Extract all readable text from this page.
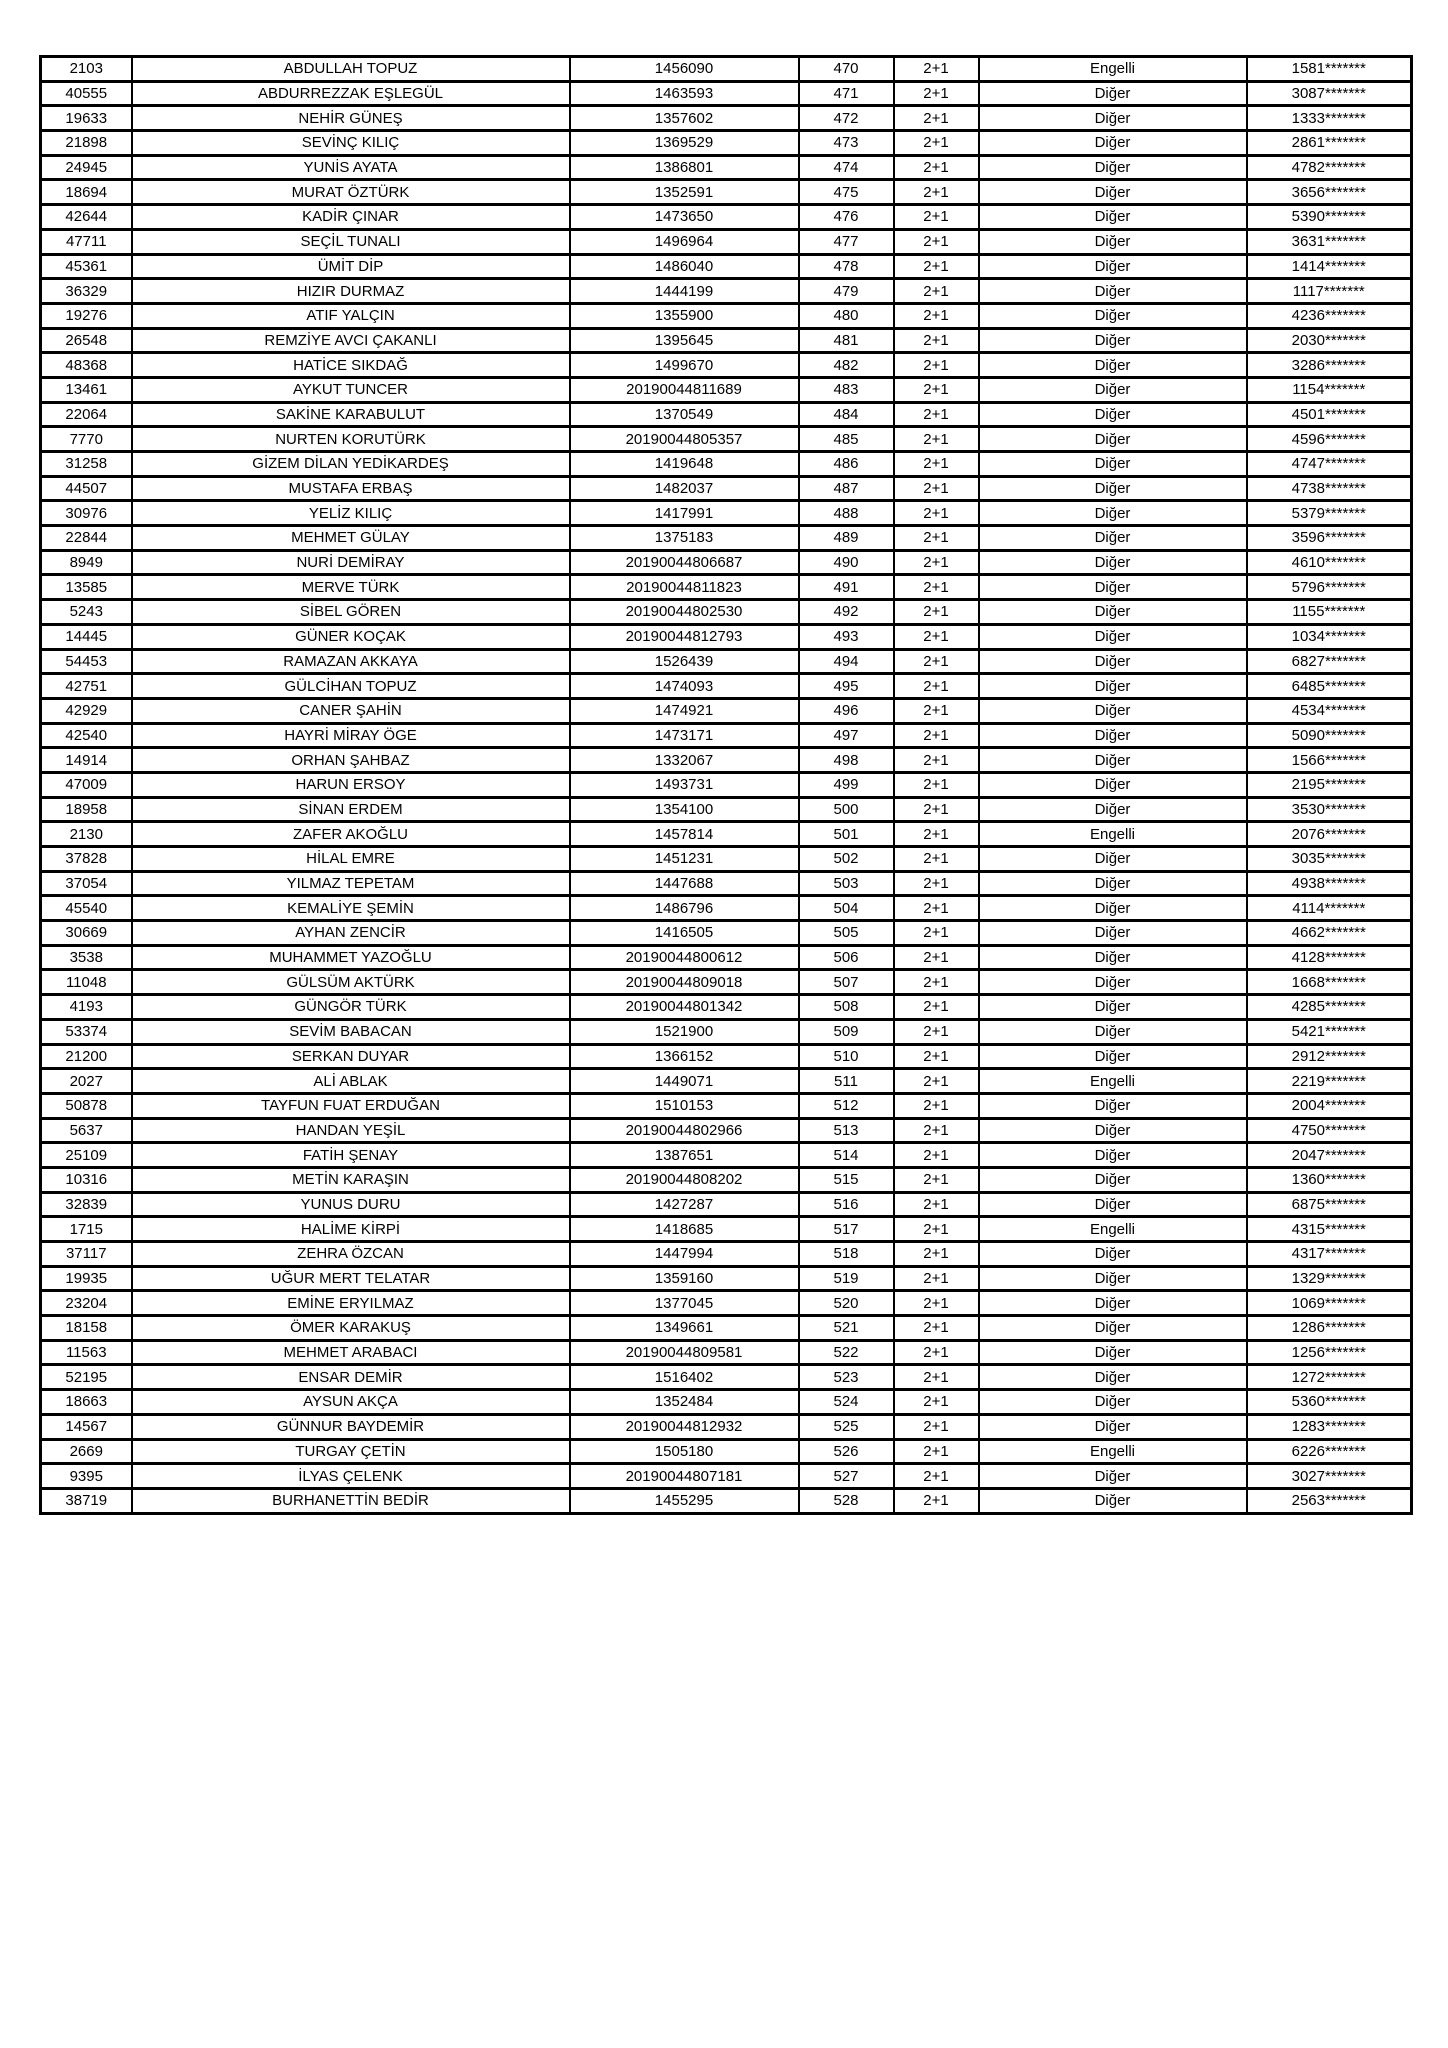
2103	ABDULLAH TOPUZ	1456090	470	2+1	Engelli	1581*******
40555	ABDURREZZAK EŞLEGÜL	1463593	471	2+1	Diğer	3087*******
19633	NEHİR GÜNEŞ	1357602	472	2+1	Diğer	1333*******
21898	SEVİNÇ KILIÇ	1369529	473	2+1	Diğer	2861*******
24945	YUNİS AYATA	1386801	474	2+1	Diğer	4782*******
18694	MURAT ÖZTÜRK	1352591	475	2+1	Diğer	3656*******
42644	KADİR ÇINAR	1473650	476	2+1	Diğer	5390*******
47711	SEÇİL TUNALI	1496964	477	2+1	Diğer	3631*******
45361	ÜMİT DİP	1486040	478	2+1	Diğer	1414*******
36329	HIZIR DURMAZ	1444199	479	2+1	Diğer	1117*******
19276	ATIF YALÇIN	1355900	480	2+1	Diğer	4236*******
26548	REMZİYE AVCI ÇAKANLI	1395645	481	2+1	Diğer	2030*******
48368	HATİCE SIKDAĞ	1499670	482	2+1	Diğer	3286*******
13461	AYKUT TUNCER	20190044811689	483	2+1	Diğer	1154*******
22064	SAKİNE KARABULUT	1370549	484	2+1	Diğer	4501*******
7770	NURTEN KORUTÜRK	20190044805357	485	2+1	Diğer	4596*******
31258	GİZEM DİLAN YEDİKARDEŞ	1419648	486	2+1	Diğer	4747*******
44507	MUSTAFA ERBAŞ	1482037	487	2+1	Diğer	4738*******
30976	YELİZ KILIÇ	1417991	488	2+1	Diğer	5379*******
22844	MEHMET GÜLAY	1375183	489	2+1	Diğer	3596*******
8949	NURİ DEMİRAY	20190044806687	490	2+1	Diğer	4610*******
13585	MERVE TÜRK	20190044811823	491	2+1	Diğer	5796*******
5243	SİBEL GÖREN	20190044802530	492	2+1	Diğer	1155*******
14445	GÜNER KOÇAK	20190044812793	493	2+1	Diğer	1034*******
54453	RAMAZAN AKKAYA	1526439	494	2+1	Diğer	6827*******
42751	GÜLCİHAN TOPUZ	1474093	495	2+1	Diğer	6485*******
42929	CANER ŞAHİN	1474921	496	2+1	Diğer	4534*******
42540	HAYRİ MİRAY ÖGE	1473171	497	2+1	Diğer	5090*******
14914	ORHAN ŞAHBAZ	1332067	498	2+1	Diğer	1566*******
47009	HARUN ERSOY	1493731	499	2+1	Diğer	2195*******
18958	SİNAN ERDEM	1354100	500	2+1	Diğer	3530*******
2130	ZAFER AKOĞLU	1457814	501	2+1	Engelli	2076*******
37828	HİLAL EMRE	1451231	502	2+1	Diğer	3035*******
37054	YILMAZ TEPETAM	1447688	503	2+1	Diğer	4938*******
45540	KEMALİYE ŞEMİN	1486796	504	2+1	Diğer	4114*******
30669	AYHAN ZENCİR	1416505	505	2+1	Diğer	4662*******
3538	MUHAMMET YAZOĞLU	20190044800612	506	2+1	Diğer	4128*******
11048	GÜLSÜM AKTÜRK	20190044809018	507	2+1	Diğer	1668*******
4193	GÜNGÖR TÜRK	20190044801342	508	2+1	Diğer	4285*******
53374	SEVİM BABACAN	1521900	509	2+1	Diğer	5421*******
21200	SERKAN DUYAR	1366152	510	2+1	Diğer	2912*******
2027	ALİ ABLAK	1449071	511	2+1	Engelli	2219*******
50878	TAYFUN FUAT ERDUĞAN	1510153	512	2+1	Diğer	2004*******
5637	HANDAN YEŞİL	20190044802966	513	2+1	Diğer	4750*******
25109	FATİH ŞENAY	1387651	514	2+1	Diğer	2047*******
10316	METİN KARAŞIN	20190044808202	515	2+1	Diğer	1360*******
32839	YUNUS DURU	1427287	516	2+1	Diğer	6875*******
1715	HALİME KİRPİ	1418685	517	2+1	Engelli	4315*******
37117	ZEHRA ÖZCAN	1447994	518	2+1	Diğer	4317*******
19935	UĞUR MERT TELATAR	1359160	519	2+1	Diğer	1329*******
23204	EMİNE ERYILMAZ	1377045	520	2+1	Diğer	1069*******
18158	ÖMER KARAKUŞ	1349661	521	2+1	Diğer	1286*******
11563	MEHMET ARABACI	20190044809581	522	2+1	Diğer	1256*******
52195	ENSAR DEMİR	1516402	523	2+1	Diğer	1272*******
18663	AYSUN AKÇA	1352484	524	2+1	Diğer	5360*******
14567	GÜNNUR BAYDEMİR	20190044812932	525	2+1	Diğer	1283*******
2669	TURGAY ÇETİN	1505180	526	2+1	Engelli	6226*******
9395	İLYAS ÇELENK	20190044807181	527	2+1	Diğer	3027*******
38719	BURHANETTİN BEDİR	1455295	528	2+1	Diğer	2563*******
